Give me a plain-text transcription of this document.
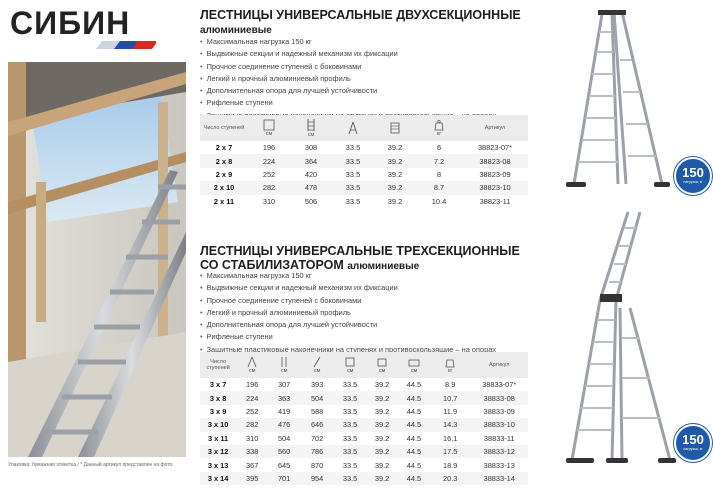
СИБИН	ЛЕСТНИЦЫ УНИВЕРСАЛЬНЫЕ ДВУХСЕКЦИОННЫЕ
алюминиевые
• Максимальная нагрузка 150 кг
• Выдвижные секции и надежный механизм их фиксации
• Прочное соединение ступеней с боковинами
• Легкий и прочный алюминиевый профиль
• Дополнительная опора для лучшей устойчивости
• Рифленые ступени
• Защитные пластиковые наконечники на ступенях и противоскользящие – на опорах
Число ступеней	см	см			кг	Артикул
2 x 7	196	308	33.5	39.2	6	38823-07*
2 x 8	224	364	33.5	39.2	7.2	38823-08
2 x 9	252	420	33.5	39.2	8	38823-09
2 x 10	282	478	33.5	39.2	8.7	38823-10
2 x 11	310	506	33.5	39.2	10.4	38823-11
150
нагрузка, кг
ЛЕСТНИЦЫ УНИВЕРСАЛЬНЫЕ ТРЕХСЕКЦИОННЫЕ
СО СТАБИЛИЗАТОРОМ алюминиевые
• Максимальная нагрузка 150 кг
• Выдвижные секции и надежный механизм их фиксации
• Прочное соединение ступеней с боковинами
• Легкий и прочный алюминиевый профиль
• Дополнительная опора для лучшей устойчивости
• Рифленые ступени
• Защитные пластиковые наконечники на ступенях и противоскользящие – на опорах
Число ступеней	см	см	см	см	см	см	кг	Артикул
3 x 7	196	307	393	33.5	39.2	44.5	8.9	38833-07*
3 x 8	224	363	504	33.5	39.2	44.5	10.7	38833-08
3 x 9	252	419	588	33.5	39.2	44.5	11.9	38833-09
3 x 10	282	476	646	33.5	39.2	44.5	14.3	38833-10
3 x 11	310	504	702	33.5	39.2	44.5	16.1	38833-11
3 x 12	338	560	786	33.5	39.2	44.5	17.5	38833-12
3 x 13	367	645	870	33.5	39.2	44.5	18.9	38833-13
3 x 14	395	701	954	33.5	39.2	44.5	20.3	38833-14
150
нагрузка, кг
Упаковка: бумажная этикетка / * Данный артикул представлен на фото.
